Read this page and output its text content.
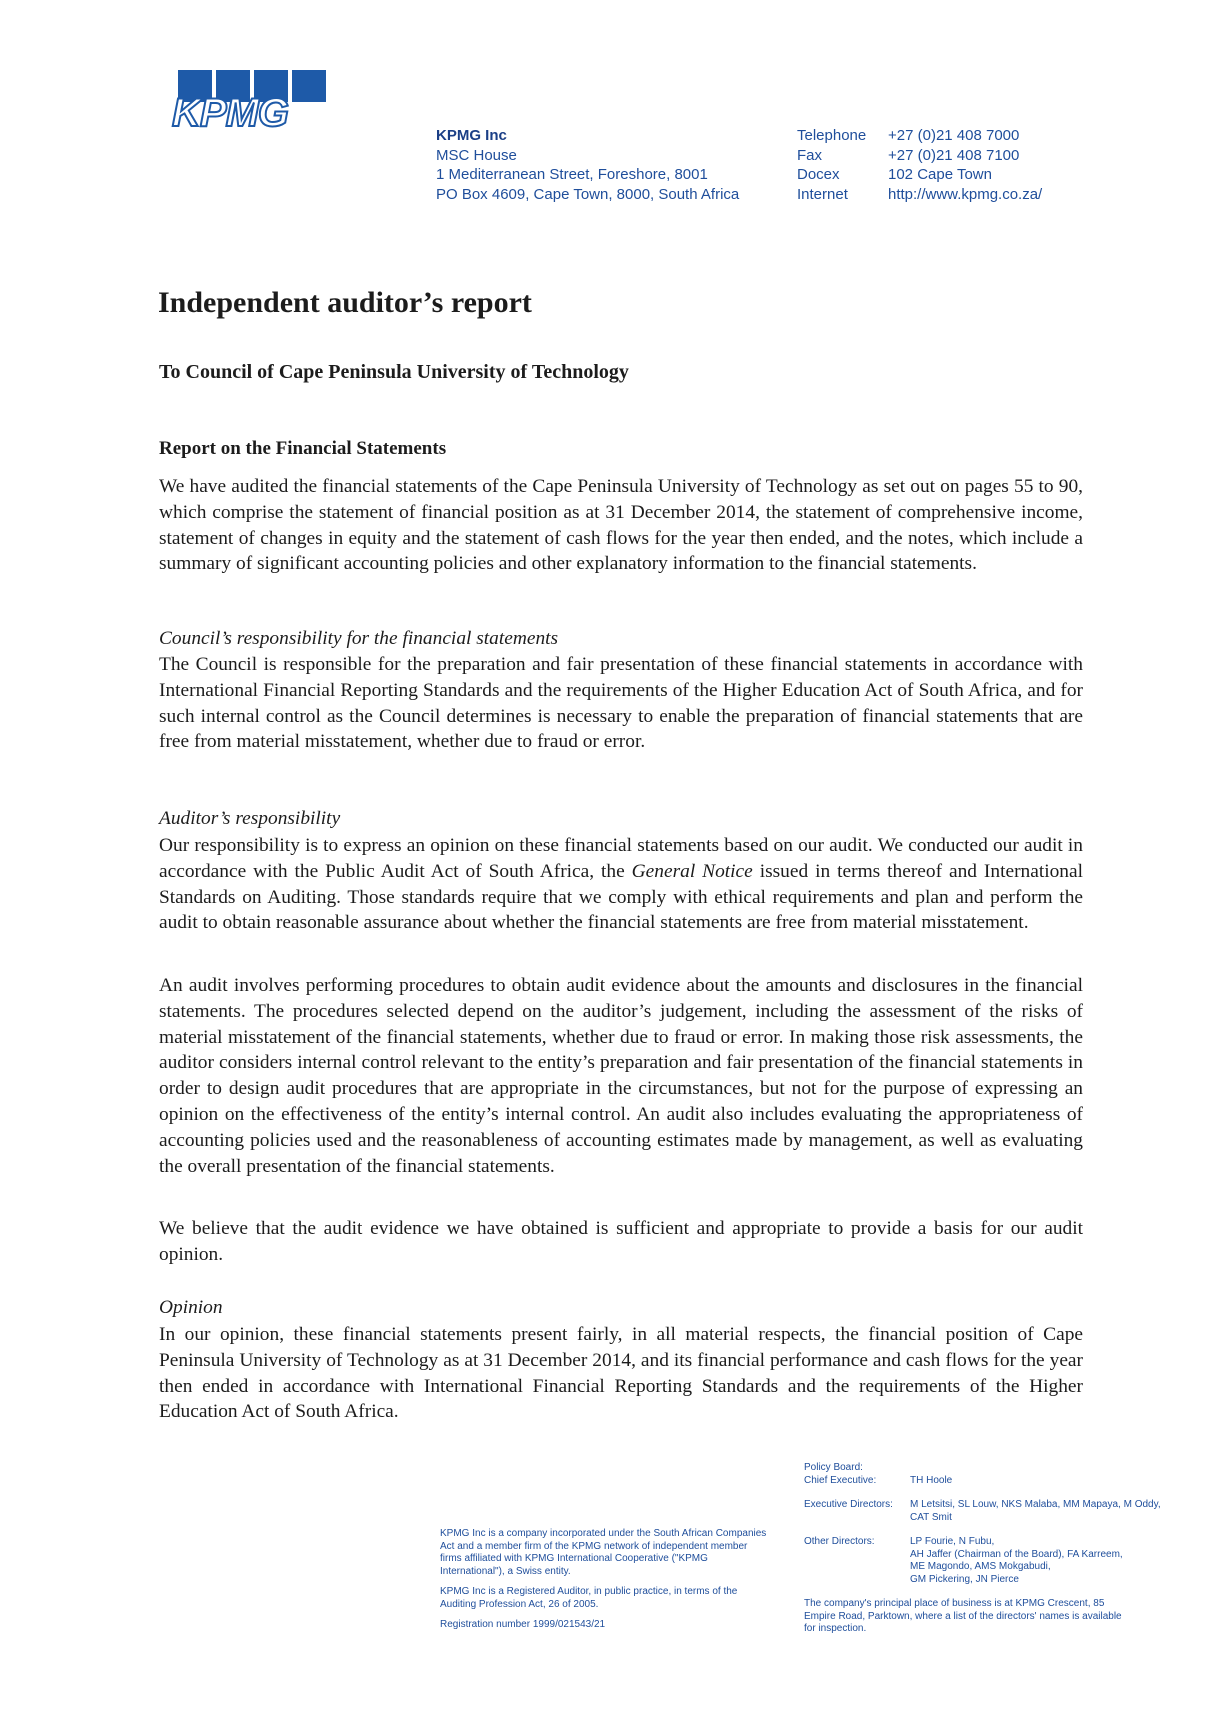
KPMG
KPMG Inc
MSC House
1 Mediterranean Street, Foreshore, 8001
PO Box 4609, Cape Town, 8000, South Africa
Telephone	+27 (0)21 408 7000
Fax	+27 (0)21 408 7100
Docex	102 Cape Town
Internet	http://www.kpmg.co.za/
Independent auditor’s report
To Council of Cape Peninsula University of Technology
Report on the Financial Statements

We have audited the financial statements of the Cape Peninsula University of Technology as set out on pages 55 to 90, which comprise the statement of financial position as at 31 December 2014, the statement of comprehensive income, statement of changes in equity and the statement of cash flows for the year then ended, and the notes, which include a summary of significant accounting policies and other explanatory information to the financial statements.

Council’s responsibility for the financial statements

The Council is responsible for the preparation and fair presentation of these financial statements in accordance with International Financial Reporting Standards and the requirements of the Higher Education Act of South Africa, and for such internal control as the Council determines is necessary to enable the preparation of financial statements that are free from material misstatement, whether due to fraud or error.

Auditor’s responsibility

Our responsibility is to express an opinion on these financial statements based on our audit. We conducted our audit in accordance with the Public Audit Act of South Africa, the General Notice issued in terms thereof and International Standards on Auditing. Those standards require that we comply with ethical requirements and plan and perform the audit to obtain reasonable assurance about whether the financial statements are free from material misstatement.

An audit involves performing procedures to obtain audit evidence about the amounts and disclosures in the financial statements. The procedures selected depend on the auditor’s judgement, including the assessment of the risks of material misstatement of the financial statements, whether due to fraud or error. In making those risk assessments, the auditor considers internal control relevant to the entity’s preparation and fair presentation of the financial statements in order to design audit procedures that are appropriate in the circumstances, but not for the purpose of expressing an opinion on the effectiveness of the entity’s internal control. An audit also includes evaluating the appropriateness of accounting policies used and the reasonableness of accounting estimates made by management, as well as evaluating the overall presentation of the financial statements.

We believe that the audit evidence we have obtained is sufficient and appropriate to provide a basis for our audit opinion.

Opinion

In our opinion, these financial statements present fairly, in all material respects, the financial position of Cape Peninsula University of Technology as at 31 December 2014, and its financial performance and cash flows for the year then ended in accordance with International Financial Reporting Standards and the requirements of the Higher Education Act of South Africa.

KPMG Inc is a company incorporated under the South African Companies Act and a member firm of the KPMG network of independent member firms affiliated with KPMG International Cooperative ("KPMG International"), a Swiss entity.

KPMG Inc is a Registered Auditor, in public practice, in terms of the Auditing Profession Act, 26 of 2005.

Registration number 1999/021543/21

Policy Board:
Chief Executive:	TH Hoole
Executive Directors:	M Letsitsi, SL Louw, NKS Malaba, MM Mapaya, M Oddy, CAT Smit
Other Directors:	LP Fourie, N Fubu,
AH Jaffer (Chairman of the Board), FA Karreem,
ME Magondo, AMS Mokgabudi,
GM Pickering, JN Pierce
The company's principal place of business is at KPMG Crescent, 85 Empire Road, Parktown, where a list of the directors' names is available for inspection.
